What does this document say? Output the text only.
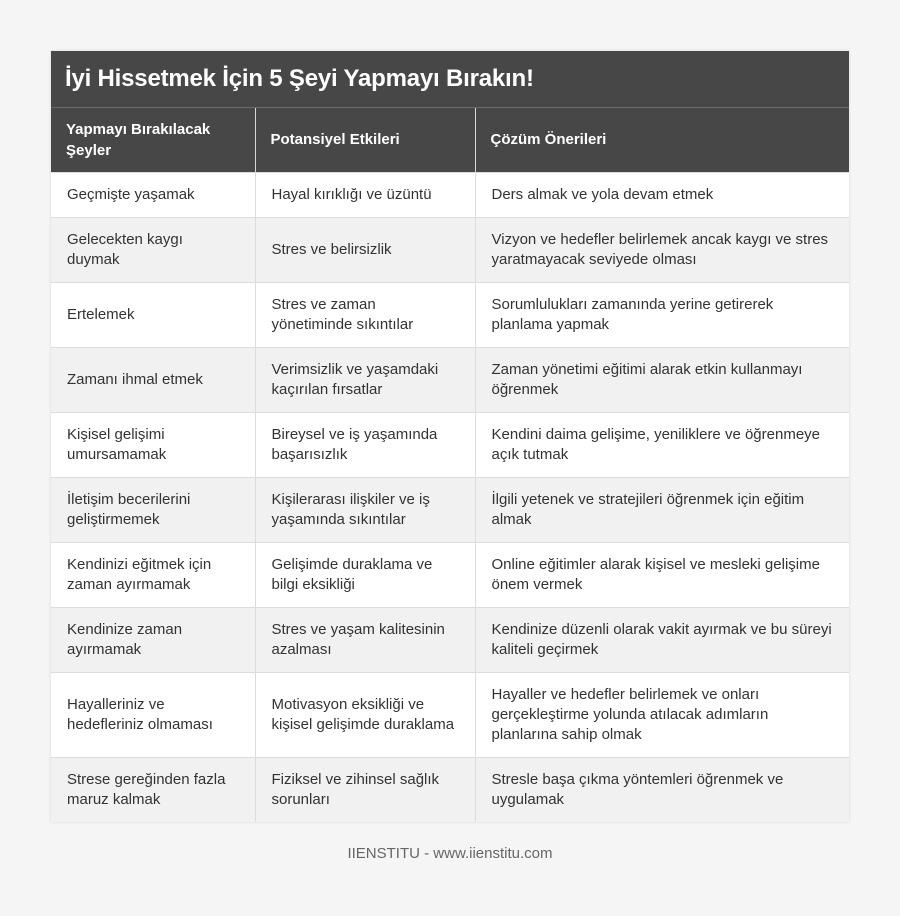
İyi Hissetmek İçin 5 Şeyi Yapmayı Bırakın!
Yapmayı Bırakılacak Şeyler	Potansiyel Etkileri	Çözüm Önerileri
Geçmişte yaşamak	Hayal kırıklığı ve üzüntü	Ders almak ve yola devam etmek
Gelecekten kaygı duymak	Stres ve belirsizlik	Vizyon ve hedefler belirlemek ancak kaygı ve stres yaratmayacak seviyede olması
Ertelemek	Stres ve zaman yönetiminde sıkıntılar	Sorumlulukları zamanında yerine getirerek planlama yapmak
Zamanı ihmal etmek	Verimsizlik ve yaşamdaki kaçırılan fırsatlar	Zaman yönetimi eğitimi alarak etkin kullanmayı öğrenmek
Kişisel gelişimi umursamamak	Bireysel ve iş yaşamında başarısızlık	Kendini daima gelişime, yeniliklere ve öğrenmeye açık tutmak
İletişim becerilerini geliştirmemek	Kişilerarası ilişkiler ve iş yaşamında sıkıntılar	İlgili yetenek ve stratejileri öğrenmek için eğitim almak
Kendinizi eğitmek için zaman ayırmamak	Gelişimde duraklama ve bilgi eksikliği	Online eğitimler alarak kişisel ve mesleki gelişime önem vermek
Kendinize zaman ayırmamak	Stres ve yaşam kalitesinin azalması	Kendinize düzenli olarak vakit ayırmak ve bu süreyi kaliteli geçirmek
Hayalleriniz ve hedefleriniz olmaması	Motivasyon eksikliği ve kişisel gelişimde duraklama	Hayaller ve hedefler belirlemek ve onları gerçekleştirme yolunda atılacak adımların planlarına sahip olmak
Strese gereğinden fazla maruz kalmak	Fiziksel ve zihinsel sağlık sorunları	Stresle başa çıkma yöntemleri öğrenmek ve uygulamak
IIENSTITU - www.iienstitu.com
